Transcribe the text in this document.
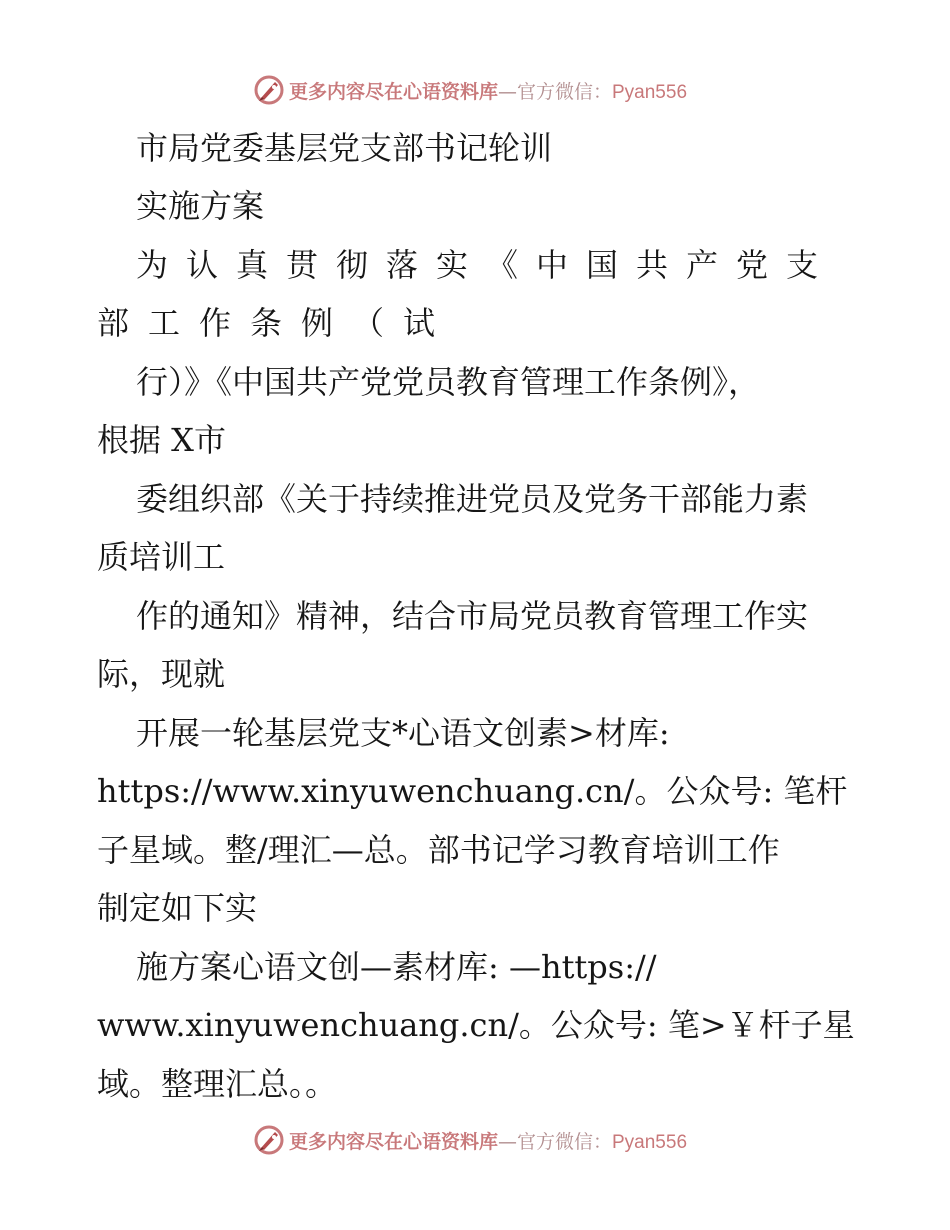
更多内容尽在心语资料库—官方微信：Pyan556
市局党委基层党支部书记轮训
实施方案
为认真贯彻落实《中国共产党支
部工作条例（试
行）》《中国共产党党员教育管理工作条例》，
根据 X市
委组织部《关于持续推进党员及党务干部能力素
质培训工
作的通知》精神，结合市局党员教育管理工作实
际，现就
开展一轮基层党支*心语文创素>材库:
https://www.xinyuwenchuang.cn/。公众号: 笔杆
子星域。整/理汇—总。部书记学习教育培训工作
制定如下实
施方案心语文创—素材库: —https://
www.xinyuwenchuang.cn/。公众号: 笔>￥杆子星
域。整理汇总。。
更多内容尽在心语资料库—官方微信：Pyan556
